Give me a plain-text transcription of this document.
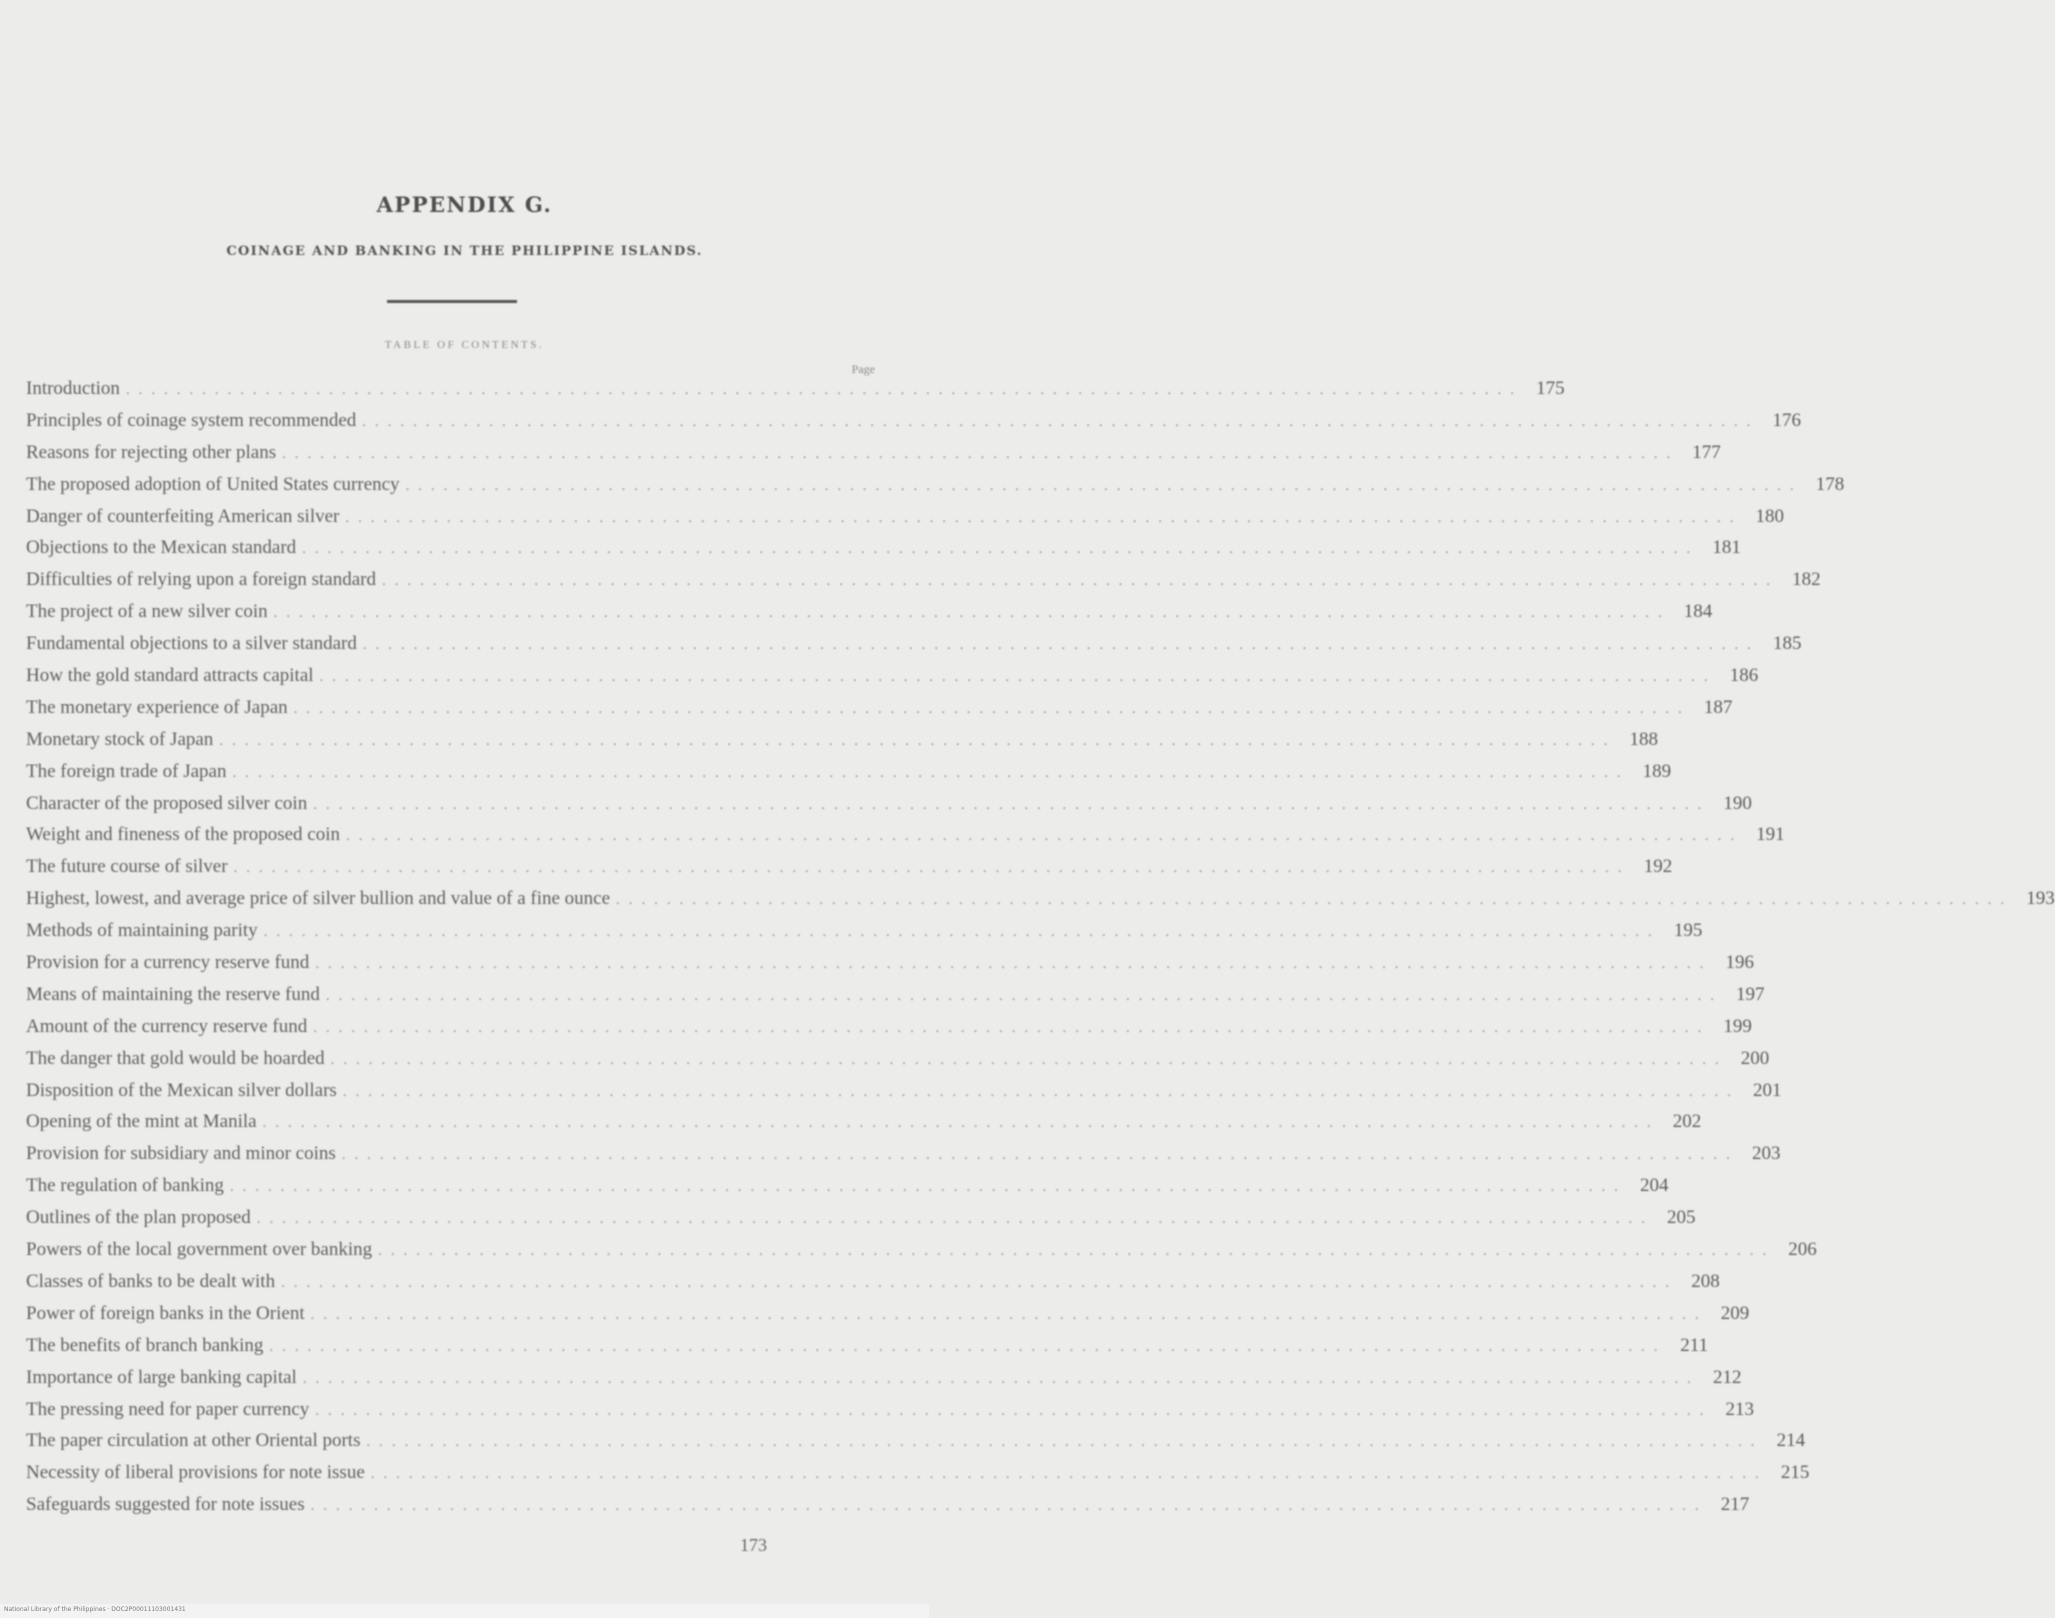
APPENDIX G.
COINAGE AND BANKING IN THE PHILIPPINE ISLANDS.
TABLE OF CONTENTS.
Page
Introduction . . . . . . . . . . . . . . . . . . . . . . . . . . . . . . . . . . . . . . . . . . . . . . . . . . . . . . . . . . . . . . . . . . . . . . . . . . . . . . . . . . . . . . . . . . . . . . . . . . . . . . . . . . . . . .	175
Principles of coinage system recommended . . . . . . . . . . . . . . . . . . . . . . . . . . . . . . . . . . . . . . . . . . . . . . . . . . . . . . . . . . . . . . . . . . . . . . . . . . . . . . . . . . . . . . . . . . . . . . . . . . . . . . . . . . . . . .	176
Reasons for rejecting other plans . . . . . . . . . . . . . . . . . . . . . . . . . . . . . . . . . . . . . . . . . . . . . . . . . . . . . . . . . . . . . . . . . . . . . . . . . . . . . . . . . . . . . . . . . . . . . . . . . . . . . . . . . . . . . .	177
The proposed adoption of United States currency . . . . . . . . . . . . . . . . . . . . . . . . . . . . . . . . . . . . . . . . . . . . . . . . . . . . . . . . . . . . . . . . . . . . . . . . . . . . . . . . . . . . . . . . . . . . . . . . . . . . . . . . . . . . . .	178
Danger of counterfeiting American silver . . . . . . . . . . . . . . . . . . . . . . . . . . . . . . . . . . . . . . . . . . . . . . . . . . . . . . . . . . . . . . . . . . . . . . . . . . . . . . . . . . . . . . . . . . . . . . . . . . . . . . . . . . . . . .	180
Objections to the Mexican standard . . . . . . . . . . . . . . . . . . . . . . . . . . . . . . . . . . . . . . . . . . . . . . . . . . . . . . . . . . . . . . . . . . . . . . . . . . . . . . . . . . . . . . . . . . . . . . . . . . . . . . . . . . . . . .	181
Difficulties of relying upon a foreign standard . . . . . . . . . . . . . . . . . . . . . . . . . . . . . . . . . . . . . . . . . . . . . . . . . . . . . . . . . . . . . . . . . . . . . . . . . . . . . . . . . . . . . . . . . . . . . . . . . . . . . . . . . . . . . .	182
The project of a new silver coin . . . . . . . . . . . . . . . . . . . . . . . . . . . . . . . . . . . . . . . . . . . . . . . . . . . . . . . . . . . . . . . . . . . . . . . . . . . . . . . . . . . . . . . . . . . . . . . . . . . . . . . . . . . . . .	184
Fundamental objections to a silver standard . . . . . . . . . . . . . . . . . . . . . . . . . . . . . . . . . . . . . . . . . . . . . . . . . . . . . . . . . . . . . . . . . . . . . . . . . . . . . . . . . . . . . . . . . . . . . . . . . . . . . . . . . . . . . .	185
How the gold standard attracts capital . . . . . . . . . . . . . . . . . . . . . . . . . . . . . . . . . . . . . . . . . . . . . . . . . . . . . . . . . . . . . . . . . . . . . . . . . . . . . . . . . . . . . . . . . . . . . . . . . . . . . . . . . . . . . .	186
The monetary experience of Japan . . . . . . . . . . . . . . . . . . . . . . . . . . . . . . . . . . . . . . . . . . . . . . . . . . . . . . . . . . . . . . . . . . . . . . . . . . . . . . . . . . . . . . . . . . . . . . . . . . . . . . . . . . . . . .	187
Monetary stock of Japan . . . . . . . . . . . . . . . . . . . . . . . . . . . . . . . . . . . . . . . . . . . . . . . . . . . . . . . . . . . . . . . . . . . . . . . . . . . . . . . . . . . . . . . . . . . . . . . . . . . . . . . . . . . . . .	188
The foreign trade of Japan . . . . . . . . . . . . . . . . . . . . . . . . . . . . . . . . . . . . . . . . . . . . . . . . . . . . . . . . . . . . . . . . . . . . . . . . . . . . . . . . . . . . . . . . . . . . . . . . . . . . . . . . . . . . . .	189
Character of the proposed silver coin . . . . . . . . . . . . . . . . . . . . . . . . . . . . . . . . . . . . . . . . . . . . . . . . . . . . . . . . . . . . . . . . . . . . . . . . . . . . . . . . . . . . . . . . . . . . . . . . . . . . . . . . . . . . . .	190
Weight and fineness of the proposed coin . . . . . . . . . . . . . . . . . . . . . . . . . . . . . . . . . . . . . . . . . . . . . . . . . . . . . . . . . . . . . . . . . . . . . . . . . . . . . . . . . . . . . . . . . . . . . . . . . . . . . . . . . . . . . .	191
The future course of silver . . . . . . . . . . . . . . . . . . . . . . . . . . . . . . . . . . . . . . . . . . . . . . . . . . . . . . . . . . . . . . . . . . . . . . . . . . . . . . . . . . . . . . . . . . . . . . . . . . . . . . . . . . . . . .	192
Highest, lowest, and average price of silver bullion and value of a fine ounce . . . . . . . . . . . . . . . . . . . . . . . . . . . . . . . . . . . . . . . . . . . . . . . . . . . . . . . . . . . . . . . . . . . . . . . . . . . . . . . . . . . . . . . . . . . . . . . . . . . . . . . . . . . . . .	193
Methods of maintaining parity . . . . . . . . . . . . . . . . . . . . . . . . . . . . . . . . . . . . . . . . . . . . . . . . . . . . . . . . . . . . . . . . . . . . . . . . . . . . . . . . . . . . . . . . . . . . . . . . . . . . . . . . . . . . . .	195
Provision for a currency reserve fund . . . . . . . . . . . . . . . . . . . . . . . . . . . . . . . . . . . . . . . . . . . . . . . . . . . . . . . . . . . . . . . . . . . . . . . . . . . . . . . . . . . . . . . . . . . . . . . . . . . . . . . . . . . . . .	196
Means of maintaining the reserve fund . . . . . . . . . . . . . . . . . . . . . . . . . . . . . . . . . . . . . . . . . . . . . . . . . . . . . . . . . . . . . . . . . . . . . . . . . . . . . . . . . . . . . . . . . . . . . . . . . . . . . . . . . . . . . .	197
Amount of the currency reserve fund . . . . . . . . . . . . . . . . . . . . . . . . . . . . . . . . . . . . . . . . . . . . . . . . . . . . . . . . . . . . . . . . . . . . . . . . . . . . . . . . . . . . . . . . . . . . . . . . . . . . . . . . . . . . . .	199
The danger that gold would be hoarded . . . . . . . . . . . . . . . . . . . . . . . . . . . . . . . . . . . . . . . . . . . . . . . . . . . . . . . . . . . . . . . . . . . . . . . . . . . . . . . . . . . . . . . . . . . . . . . . . . . . . . . . . . . . . .	200
Disposition of the Mexican silver dollars . . . . . . . . . . . . . . . . . . . . . . . . . . . . . . . . . . . . . . . . . . . . . . . . . . . . . . . . . . . . . . . . . . . . . . . . . . . . . . . . . . . . . . . . . . . . . . . . . . . . . . . . . . . . . .	201
Opening of the mint at Manila . . . . . . . . . . . . . . . . . . . . . . . . . . . . . . . . . . . . . . . . . . . . . . . . . . . . . . . . . . . . . . . . . . . . . . . . . . . . . . . . . . . . . . . . . . . . . . . . . . . . . . . . . . . . . .	202
Provision for subsidiary and minor coins . . . . . . . . . . . . . . . . . . . . . . . . . . . . . . . . . . . . . . . . . . . . . . . . . . . . . . . . . . . . . . . . . . . . . . . . . . . . . . . . . . . . . . . . . . . . . . . . . . . . . . . . . . . . . .	203
The regulation of banking . . . . . . . . . . . . . . . . . . . . . . . . . . . . . . . . . . . . . . . . . . . . . . . . . . . . . . . . . . . . . . . . . . . . . . . . . . . . . . . . . . . . . . . . . . . . . . . . . . . . . . . . . . . . . .	204
Outlines of the plan proposed . . . . . . . . . . . . . . . . . . . . . . . . . . . . . . . . . . . . . . . . . . . . . . . . . . . . . . . . . . . . . . . . . . . . . . . . . . . . . . . . . . . . . . . . . . . . . . . . . . . . . . . . . . . . . .	205
Powers of the local government over banking . . . . . . . . . . . . . . . . . . . . . . . . . . . . . . . . . . . . . . . . . . . . . . . . . . . . . . . . . . . . . . . . . . . . . . . . . . . . . . . . . . . . . . . . . . . . . . . . . . . . . . . . . . . . . .	206
Classes of banks to be dealt with . . . . . . . . . . . . . . . . . . . . . . . . . . . . . . . . . . . . . . . . . . . . . . . . . . . . . . . . . . . . . . . . . . . . . . . . . . . . . . . . . . . . . . . . . . . . . . . . . . . . . . . . . . . . . .	208
Power of foreign banks in the Orient . . . . . . . . . . . . . . . . . . . . . . . . . . . . . . . . . . . . . . . . . . . . . . . . . . . . . . . . . . . . . . . . . . . . . . . . . . . . . . . . . . . . . . . . . . . . . . . . . . . . . . . . . . . . . .	209
The benefits of branch banking . . . . . . . . . . . . . . . . . . . . . . . . . . . . . . . . . . . . . . . . . . . . . . . . . . . . . . . . . . . . . . . . . . . . . . . . . . . . . . . . . . . . . . . . . . . . . . . . . . . . . . . . . . . . . .	211
Importance of large banking capital . . . . . . . . . . . . . . . . . . . . . . . . . . . . . . . . . . . . . . . . . . . . . . . . . . . . . . . . . . . . . . . . . . . . . . . . . . . . . . . . . . . . . . . . . . . . . . . . . . . . . . . . . . . . . .	212
The pressing need for paper currency . . . . . . . . . . . . . . . . . . . . . . . . . . . . . . . . . . . . . . . . . . . . . . . . . . . . . . . . . . . . . . . . . . . . . . . . . . . . . . . . . . . . . . . . . . . . . . . . . . . . . . . . . . . . . .	213
The paper circulation at other Oriental ports . . . . . . . . . . . . . . . . . . . . . . . . . . . . . . . . . . . . . . . . . . . . . . . . . . . . . . . . . . . . . . . . . . . . . . . . . . . . . . . . . . . . . . . . . . . . . . . . . . . . . . . . . . . . . .	214
Necessity of liberal provisions for note issue . . . . . . . . . . . . . . . . . . . . . . . . . . . . . . . . . . . . . . . . . . . . . . . . . . . . . . . . . . . . . . . . . . . . . . . . . . . . . . . . . . . . . . . . . . . . . . . . . . . . . . . . . . . . . .	215
Safeguards suggested for note issues . . . . . . . . . . . . . . . . . . . . . . . . . . . . . . . . . . . . . . . . . . . . . . . . . . . . . . . . . . . . . . . . . . . . . . . . . . . . . . . . . . . . . . . . . . . . . . . . . . . . . . . . . . . . . .	217
173
National Library of the Philippines · DOC2P00011103001431
